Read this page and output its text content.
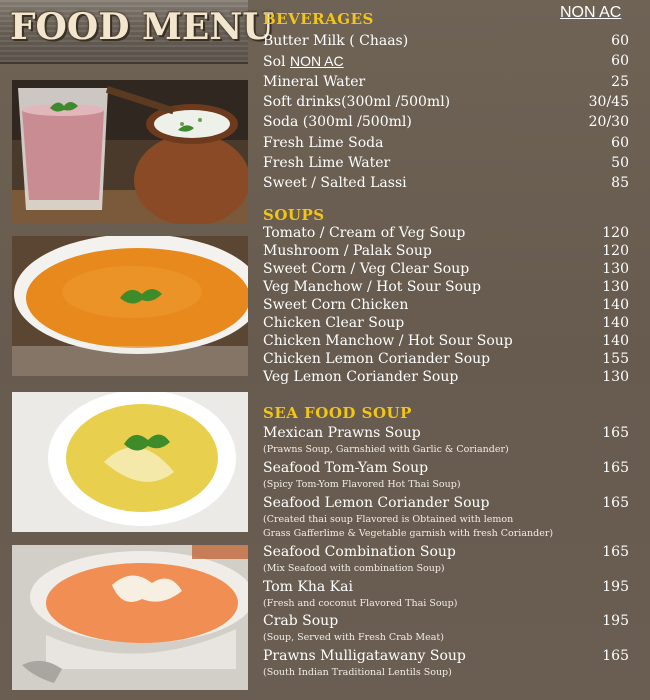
FOOD MENU	NON AC
BEVERAGES
Butter Milk ( Chaas)	60
Sol NON AC	60
Mineral Water	25
Soft drinks(300ml /500ml)	30/45
Soda (300ml /500ml)	20/30
Fresh Lime Soda	60
Fresh Lime Water	50
Sweet / Salted Lassi	85
SOUPS
Tomato / Cream of Veg Soup	120
Mushroom / Palak Soup	120
Sweet Corn / Veg Clear Soup	130
Veg Manchow / Hot Sour Soup	130
Sweet Corn Chicken	140
Chicken Clear Soup	140
Chicken Manchow / Hot Sour Soup	140
Chicken Lemon Coriander Soup	155
Veg Lemon Coriander Soup	130
SEA FOOD SOUP
Mexican Prawns Soup	165
(Prawns Soup, Garnshied with Garlic & Coriander)
Seafood Tom-Yam Soup	165
(Spicy Tom-Yom Flavored Hot Thai Soup)
Seafood Lemon Coriander Soup	165
(Created thai soup Flavored is Obtained with lemon
Grass Gafferlime & Vegetable garnish with fresh Coriander)
Seafood Combination Soup	165
(Mix Seafood with combination Soup)
Tom Kha Kai	195
(Fresh and coconut Flavored Thai Soup)
Crab Soup	195
(Soup, Served with Fresh Crab Meat)
Prawns Mulligatawany Soup	165
(South Indian Traditional Lentils Soup)
